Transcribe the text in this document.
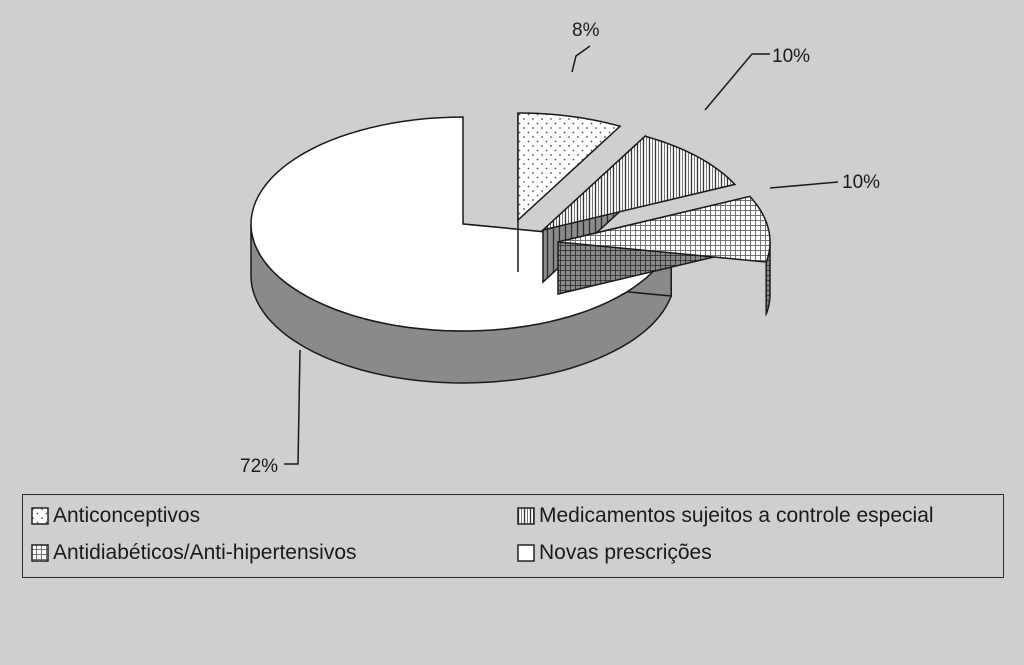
8%
10%
10%
72%
Anticonceptivos	Medicamentos sujeitos a controle especial
Antidiabéticos/Anti-hipertensivos	Novas prescrições
